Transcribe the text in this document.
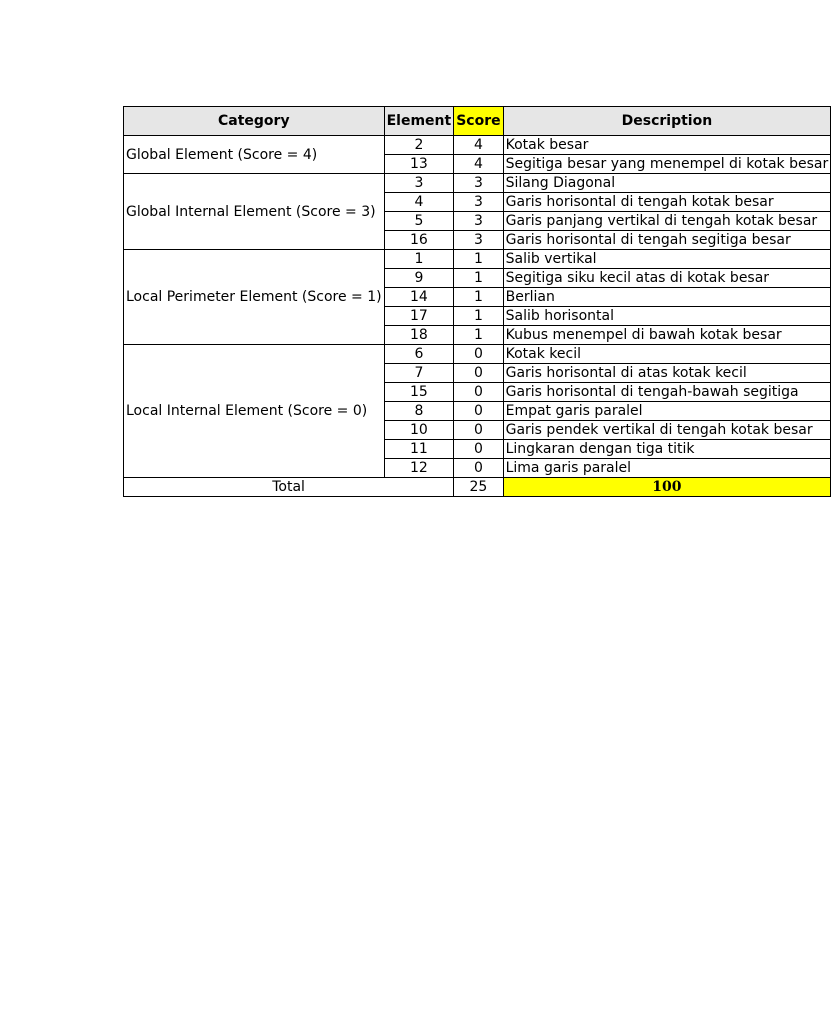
Category	Element	Score	Description
Global Element (Score = 4)	2	4	Kotak besar
	13	4	Segitiga besar yang menempel di kotak besar
Global Internal Element (Score = 3)	3	3	Silang Diagonal
	4	3	Garis horisontal di tengah kotak besar
	5	3	Garis panjang vertikal di tengah kotak besar
	16	3	Garis horisontal di tengah segitiga besar
Local Perimeter Element (Score = 1)	1	1	Salib vertikal
	9	1	Segitiga siku kecil atas di kotak besar
	14	1	Berlian
	17	1	Salib horisontal
	18	1	Kubus menempel di bawah kotak besar
Local Internal Element (Score = 0)	6	0	Kotak kecil
	7	0	Garis horisontal di atas kotak kecil
	15	0	Garis horisontal di tengah-bawah segitiga
	8	0	Empat garis paralel
	10	0	Garis pendek vertikal di tengah kotak besar
	11	0	Lingkaran dengan tiga titik
	12	0	Lima garis paralel
Total		25	100
